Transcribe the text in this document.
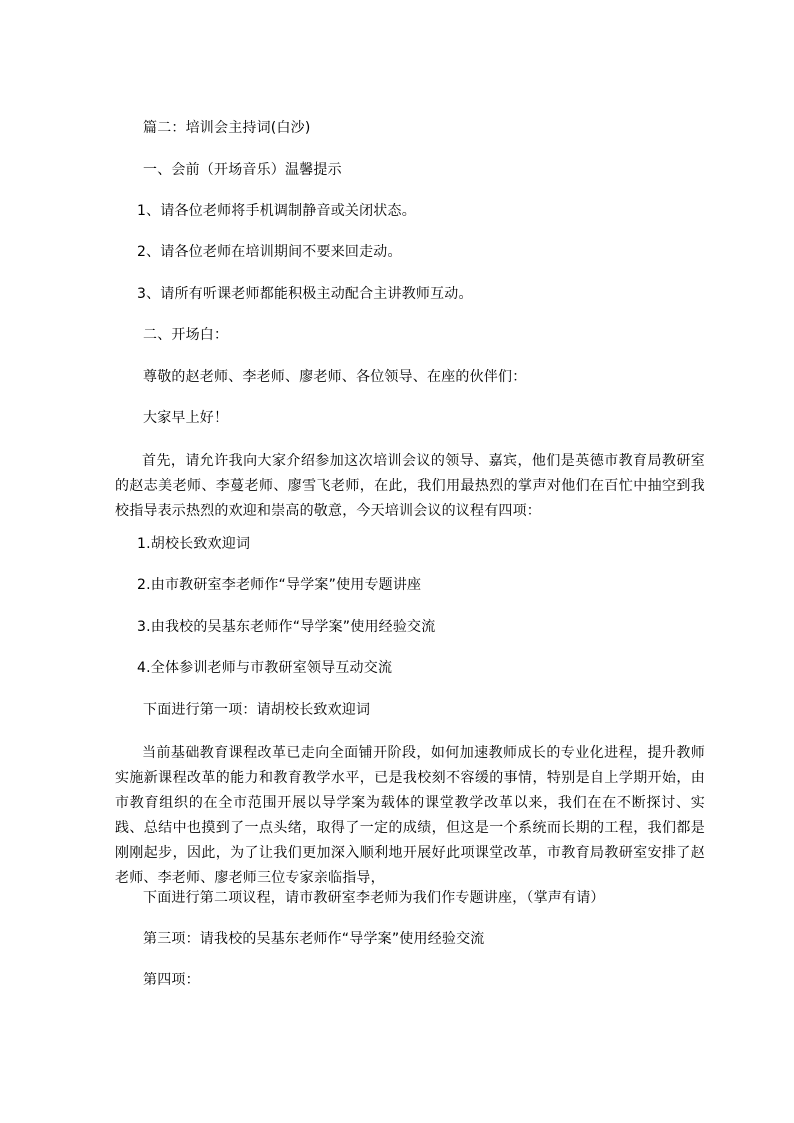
篇二：培训会主持词(白沙)
一、会前（开场音乐）温馨提示
1、请各位老师将手机调制静音或关闭状态。
2、请各位老师在培训期间不要来回走动。
3、请所有听课老师都能积极主动配合主讲教师互动。
二、开场白：
尊敬的赵老师、李老师、廖老师、各位领导、在座的伙伴们：
大家早上好！
首先，请允许我向大家介绍参加这次培训会议的领导、嘉宾，他们是英德市教育局教研室的赵志美老师、李蔓老师、廖雪飞老师，在此，我们用最热烈的掌声对他们在百忙中抽空到我校指导表示热烈的欢迎和崇高的敬意，今天培训会议的议程有四项：
1.胡校长致欢迎词
2.由市教研室李老师作“导学案”使用专题讲座
3.由我校的吴基东老师作“导学案”使用经验交流
4.全体参训老师与市教研室领导互动交流
下面进行第一项：请胡校长致欢迎词
当前基础教育课程改革已走向全面铺开阶段，如何加速教师成长的专业化进程，提升教师实施新课程改革的能力和教育教学水平，已是我校刻不容缓的事情，特别是自上学期开始，由市教育组织的在全市范围开展以导学案为载体的课堂教学改革以来，我们在在不断探讨、实践、总结中也摸到了一点头绪，取得了一定的成绩，但这是一个系统而长期的工程，我们都是刚刚起步，因此，为了让我们更加深入顺利地开展好此项课堂改革，市教育局教研室安排了赵老师、李老师、廖老师三位专家亲临指导，
下面进行第二项议程，请市教研室李老师为我们作专题讲座，（掌声有请）
第三项：请我校的吴基东老师作“导学案”使用经验交流
第四项：
